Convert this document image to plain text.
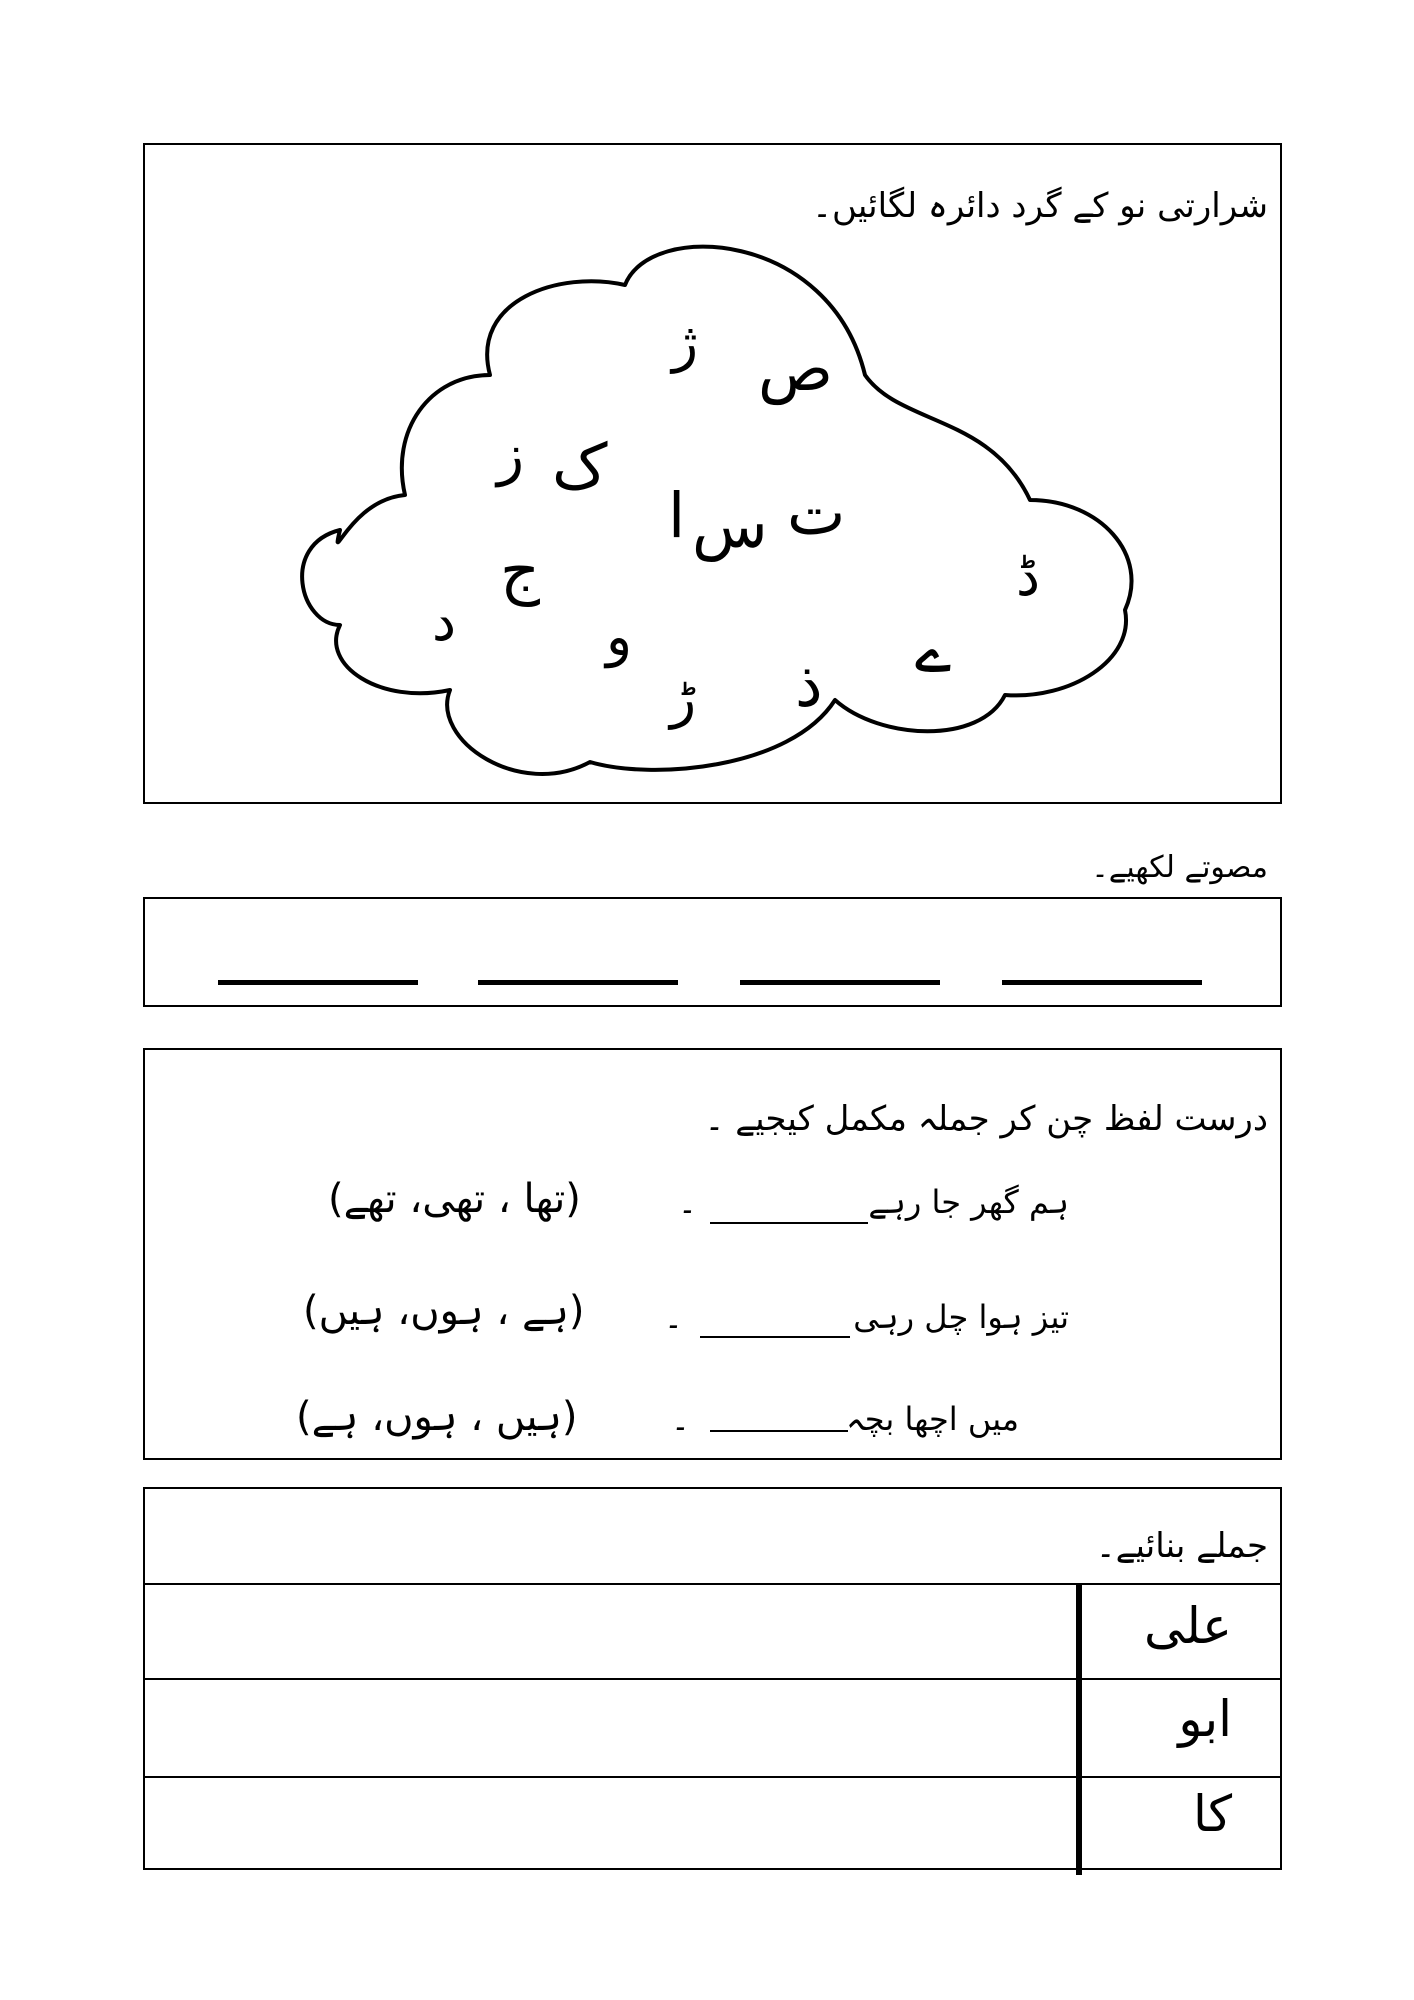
شرارتی نو کے گرد دائرہ لگائیں۔
ص
ژ
ز ک
ا ت
س
ڈ
ج
د	و	ے
ذ
ڑ
مصوتے لکھیے۔
درست لفظ چن کر جملہ مکمل کیجیے ۔
ہم گھر جا رہے
۔
(تھا ، تھی، تھے)
تیز ہوا چل رہی
۔
(ہے ، ہوں، ہیں)
میں اچھا بچہ
۔
(ہیں ، ہوں، ہے)
جملے بنائیے۔
علی
ابو
کا
